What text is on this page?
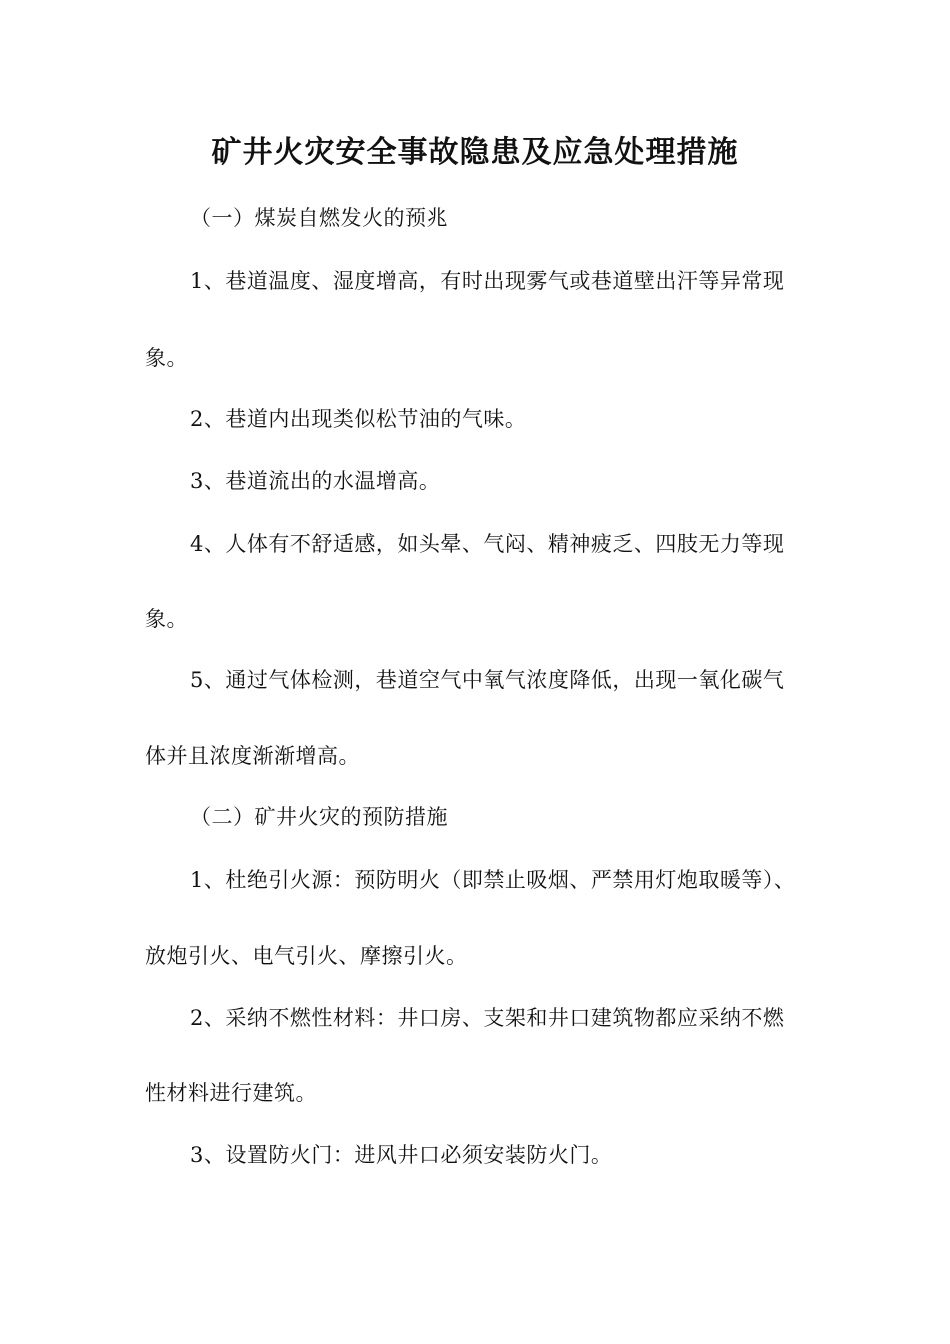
矿井火灾安全事故隐患及应急处理措施
（一）煤炭自燃发火的预兆
1、巷道温度、湿度增高，有时出现雾气或巷道壁出汗等异常现
象。
2、巷道内出现类似松节油的气味。
3、巷道流出的水温增高。
4、人体有不舒适感，如头晕、气闷、精神疲乏、四肢无力等现
象。
5、通过气体检测，巷道空气中氧气浓度降低，出现一氧化碳气
体并且浓度渐渐增高。
（二）矿井火灾的预防措施
1、杜绝引火源：预防明火（即禁止吸烟、严禁用灯炮取暖等）、
放炮引火、电气引火、摩擦引火。
2、采纳不燃性材料：井口房、支架和井口建筑物都应采纳不燃
性材料进行建筑。
3、设置防火门：进风井口必须安装防火门。
